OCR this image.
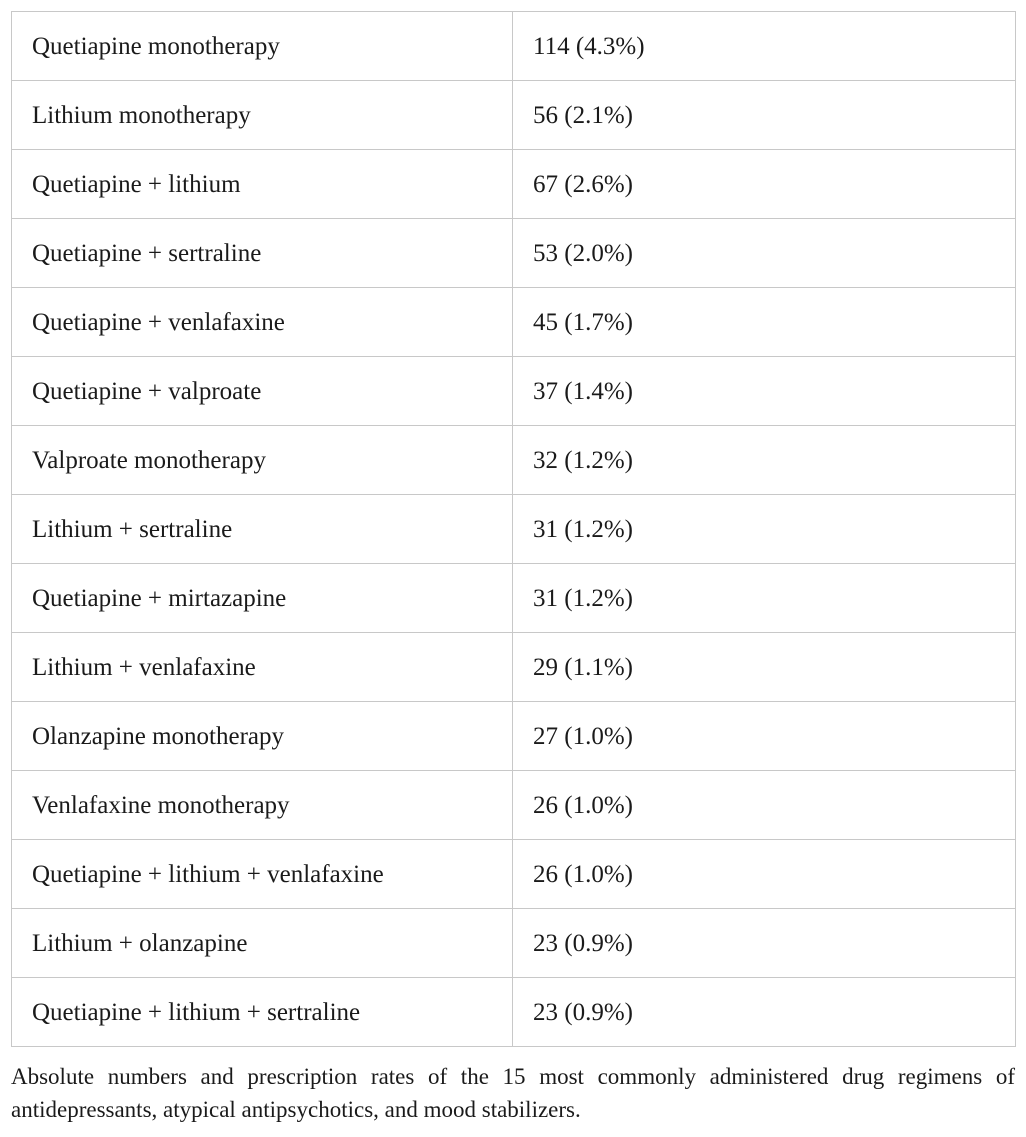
Quetiapine monotherapy	114 (4.3%)
Lithium monotherapy	56 (2.1%)
Quetiapine + lithium	67 (2.6%)
Quetiapine + sertraline	53 (2.0%)
Quetiapine + venlafaxine	45 (1.7%)
Quetiapine + valproate	37 (1.4%)
Valproate monotherapy	32 (1.2%)
Lithium + sertraline	31 (1.2%)
Quetiapine + mirtazapine	31 (1.2%)
Lithium + venlafaxine	29 (1.1%)
Olanzapine monotherapy	27 (1.0%)
Venlafaxine monotherapy	26 (1.0%)
Quetiapine + lithium + venlafaxine	26 (1.0%)
Lithium + olanzapine	23 (0.9%)
Quetiapine + lithium + sertraline	23 (0.9%)
Absolute numbers and prescription rates of the 15 most commonly administered drug regimens of antidepressants, atypical antipsychotics, and mood stabilizers.
